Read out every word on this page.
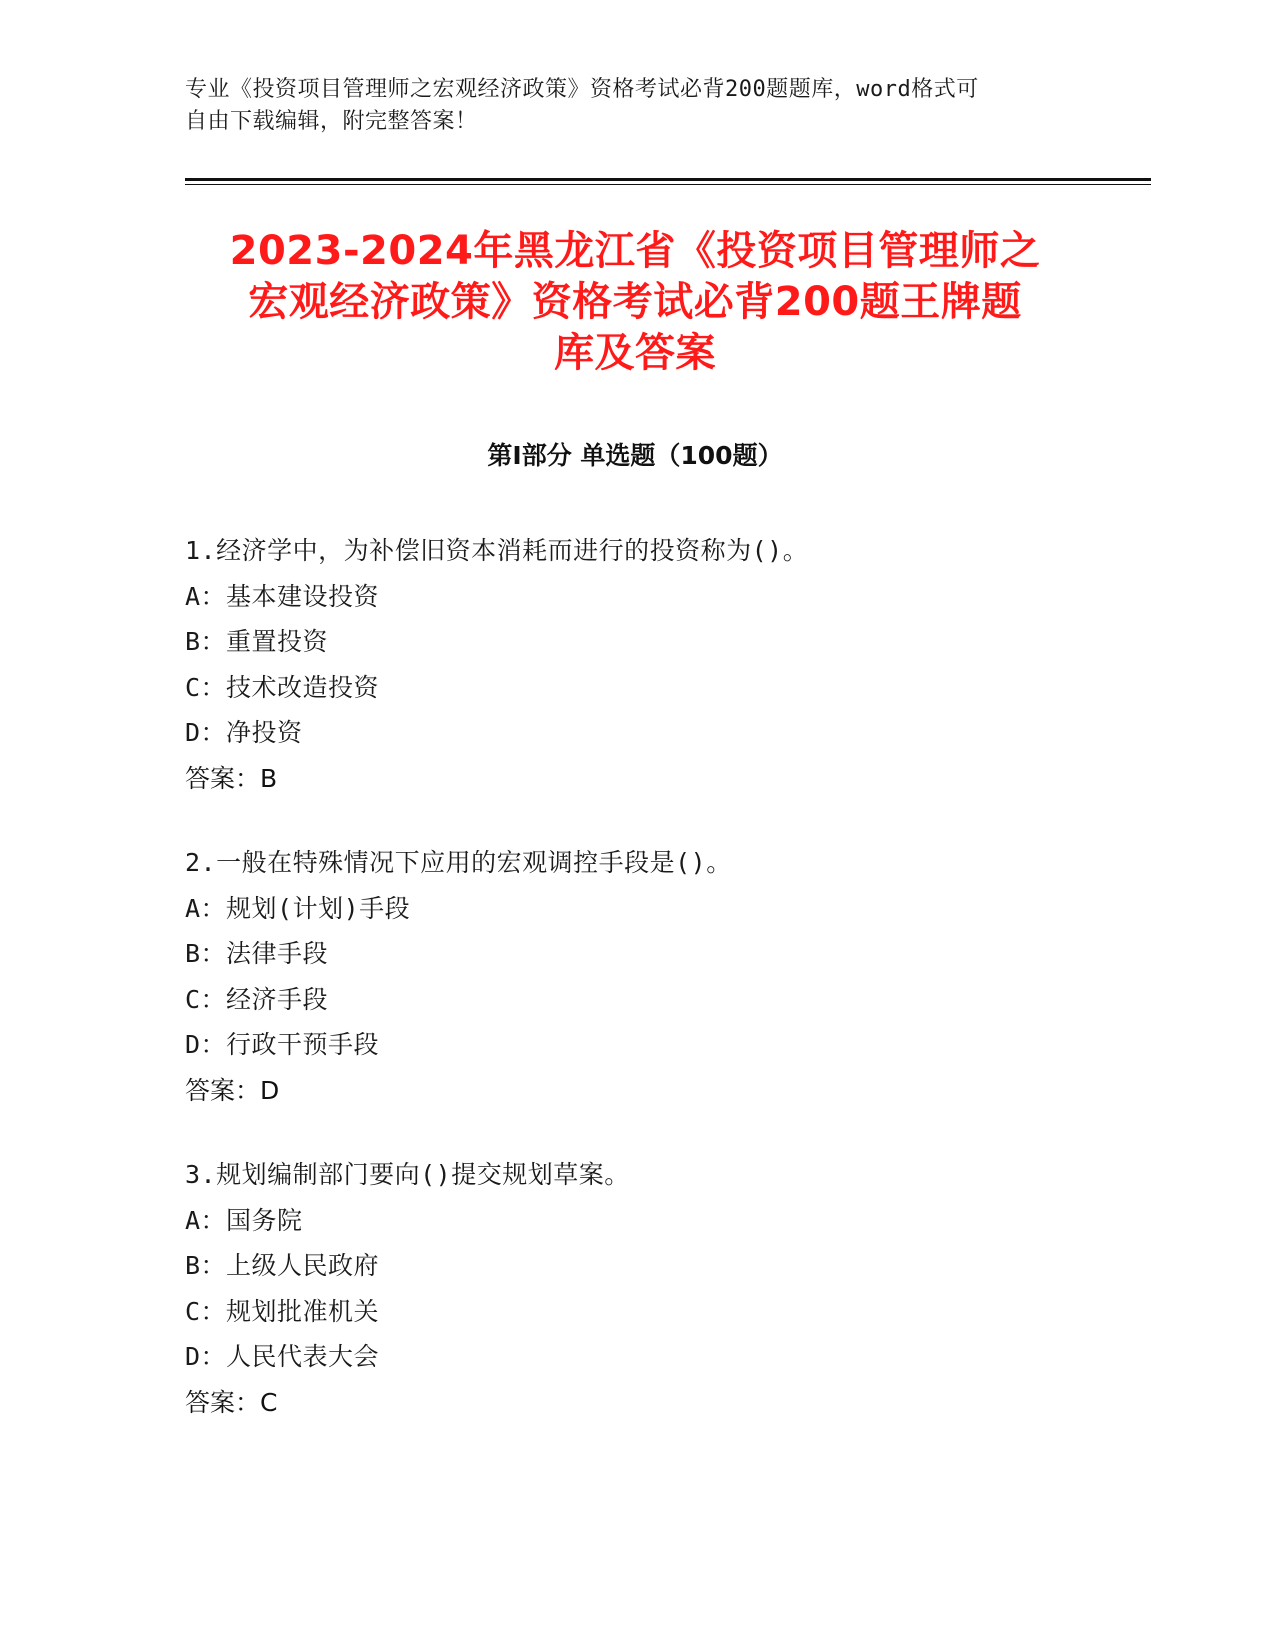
专业《投资项目管理师之宏观经济政策》资格考试必背200题题库，word格式可
自由下载编辑，附完整答案！
2023-2024年黑龙江省《投资项目管理师之
宏观经济政策》资格考试必背200题王牌题
库及答案
第I部分 单选题（100题）
1.经济学中，为补偿旧资本消耗而进行的投资称为()。
A：基本建设投资
B：重置投资
C：技术改造投资
D：净投资
答案：B
2.一般在特殊情况下应用的宏观调控手段是()。
A：规划(计划)手段
B：法律手段
C：经济手段
D：行政干预手段
答案：D
3.规划编制部门要向()提交规划草案。
A：国务院
B：上级人民政府
C：规划批准机关
D：人民代表大会
答案：C
